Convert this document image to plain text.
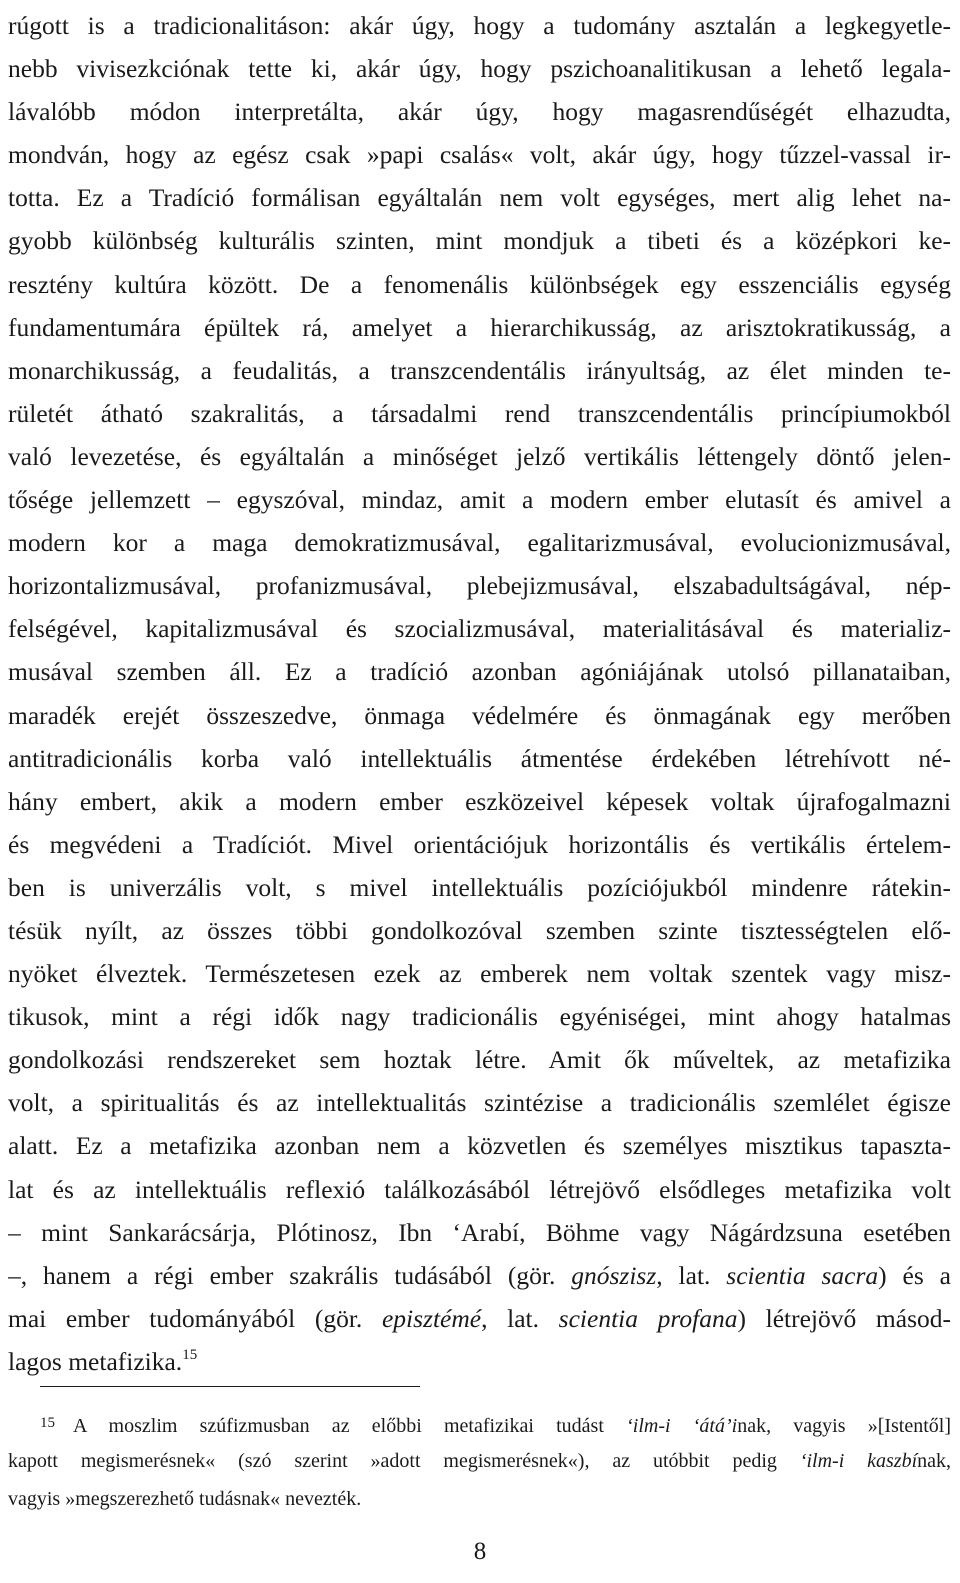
rúgott is a tradicionalitáson: akár úgy, hogy a tudomány asztalán a legkegyetle-
nebb vivisezkciónak tette ki, akár úgy, hogy pszichoanalitikusan a lehető legala-
lávalóbb módon interpretálta, akár úgy, hogy magasrendűségét elhazudta,
mondván, hogy az egész csak »papi csalás« volt, akár úgy, hogy tűzzel-vassal ir-
totta. Ez a Tradíció formálisan egyáltalán nem volt egységes, mert alig lehet na-
gyobb különbség kulturális szinten, mint mondjuk a tibeti és a középkori ke-
resztény kultúra között. De a fenomenális különbségek egy esszenciális egység
fundamentumára épültek rá, amelyet a hierarchikusság, az arisztokratikusság, a
monarchikusság, a feudalitás, a transzcendentális irányultság, az élet minden te-
rületét átható szakralitás, a társadalmi rend transzcendentális princípiumokból
való levezetése, és egyáltalán a minőséget jelző vertikális léttengely döntő jelen-
tősége jellemzett – egyszóval, mindaz, amit a modern ember elutasít és amivel a
modern kor a maga demokratizmusával, egalitarizmusával, evolucionizmusával,
horizontalizmusával, profanizmusával, plebejizmusával, elszabadultságával, nép-
felségével, kapitalizmusával és szocializmusával, materialitásával és materializ-
musával szemben áll. Ez a tradíció azonban agóniájának utolsó pillanataiban,
maradék erejét összeszedve, önmaga védelmére és önmagának egy merőben
antitradicionális korba való intellektuális átmentése érdekében létrehívott né-
hány embert, akik a modern ember eszközeivel képesek voltak újrafogalmazni
és megvédeni a Tradíciót. Mivel orientációjuk horizontális és vertikális értelem-
ben is univerzális volt, s mivel intellektuális pozíciójukból mindenre rátekin-
tésük nyílt, az összes többi gondolkozóval szemben szinte tisztességtelen elő-
nyöket élveztek. Természetesen ezek az emberek nem voltak szentek vagy misz-
tikusok, mint a régi idők nagy tradicionális egyéniségei, mint ahogy hatalmas
gondolkozási rendszereket sem hoztak létre. Amit ők műveltek, az metafizika
volt, a spiritualitás és az intellektualitás szintézise a tradicionális szemlélet égisze
alatt. Ez a metafizika azonban nem a közvetlen és személyes misztikus tapaszta-
lat és az intellektuális reflexió találkozásából létrejövő elsődleges metafizika volt
– mint Sankarácsárja, Plótinosz, Ibn ‘Arabí, Böhme vagy Nágárdzsuna esetében
–, hanem a régi ember szakrális tudásából (gör. gnószisz, lat. scientia sacra) és a
mai ember tudományából (gör. episztémé, lat. scientia profana) létrejövő másod-
lagos metafizika.$^{15}$
$^{15}$ A moszlim szúfizmusban az előbbi metafizikai tudást ‘ilm-i ‘átá’inak, vagyis »[Istentől]
kapott megismerésnek« (szó szerint »adott megismerésnek«), az utóbbit pedig ‘ilm-i kaszbínak,
vagyis »megszerezhető tudásnak« nevezték.
8
